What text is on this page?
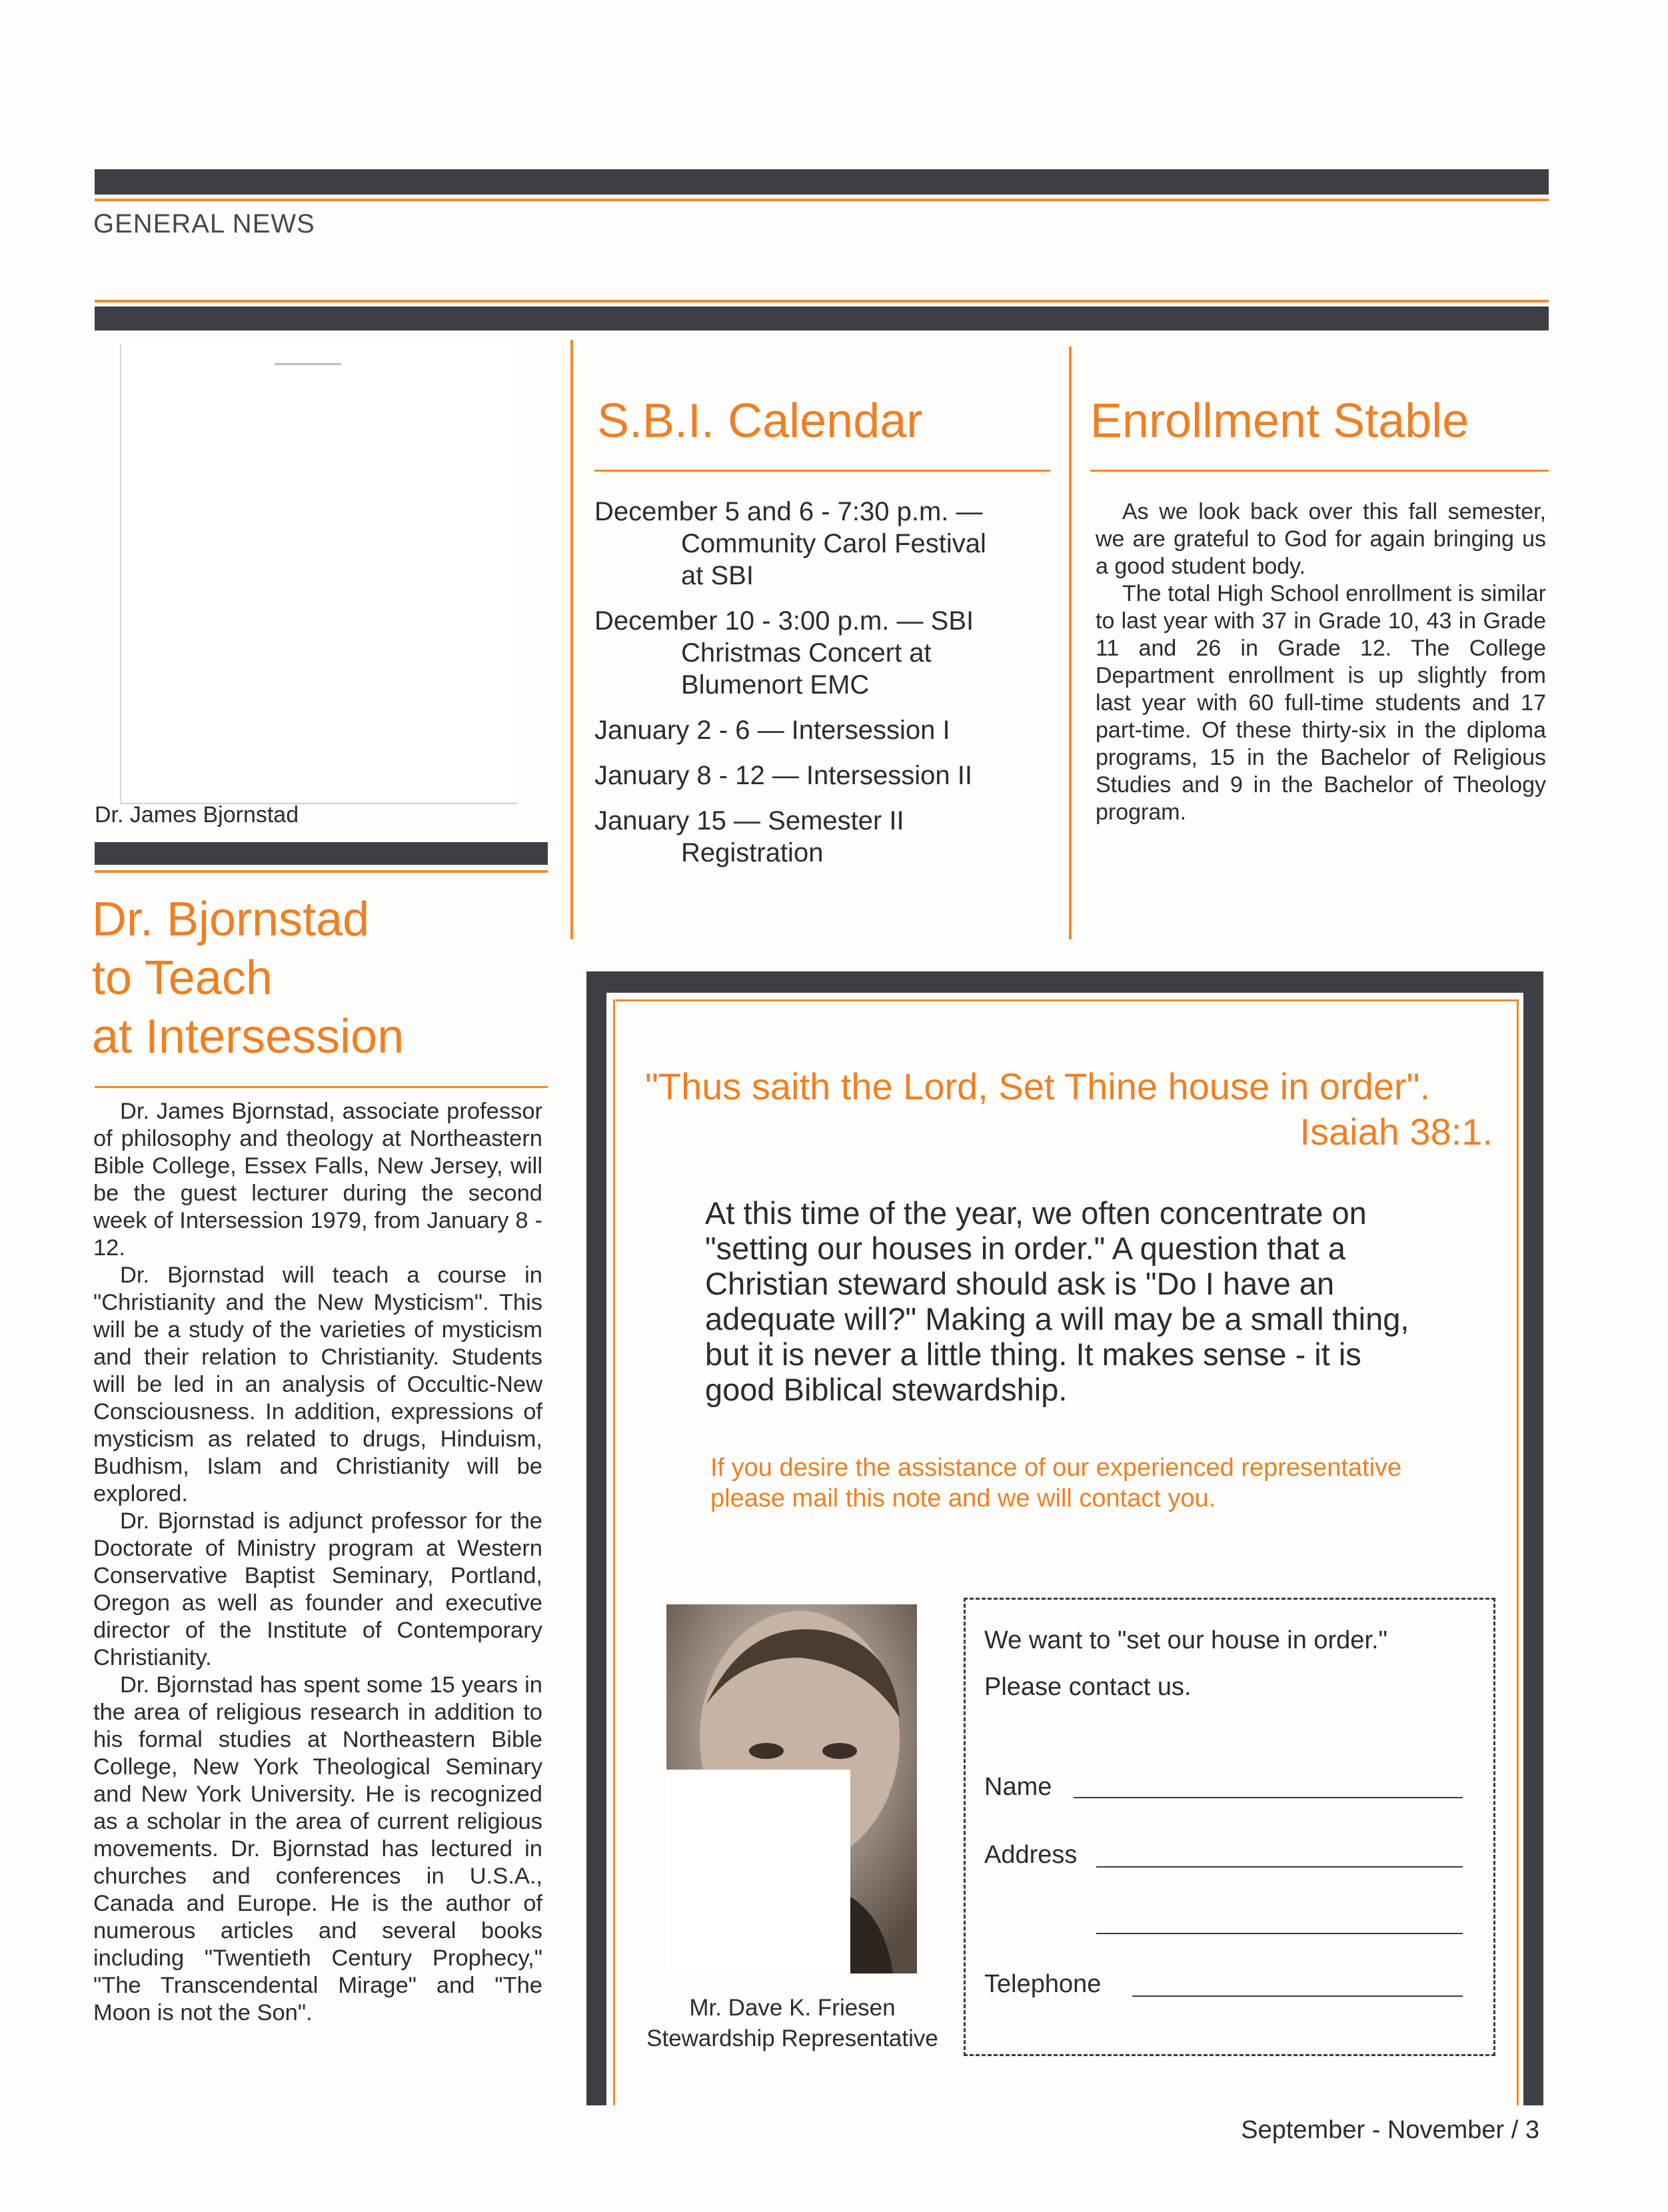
GENERAL NEWS
Dr. James Bjornstad
Dr. Bjornstad
to Teach
at Intersession

Dr. James Bjornstad, associate professor of philosophy and theology at Northeastern Bible College, Essex Falls, New Jersey, will be the guest lecturer during the second week of Intersession 1979, from January 8 - 12.

Dr. Bjornstad will teach a course in "Christianity and the New Mysticism". This will be a study of the varieties of mysticism and their relation to Christianity. Students will be led in an analysis of Occultic-New Consciousness. In addition, expressions of mysticism as related to drugs, Hinduism, Budhism, Islam and Christianity will be explored.

Dr. Bjornstad is adjunct professor for the Doctorate of Ministry program at Western Conservative Baptist Seminary, Portland, Oregon as well as founder and executive director of the Institute of Contemporary Christianity.

Dr. Bjornstad has spent some 15 years in the area of religious research in addition to his formal studies at Northeastern Bible College, New York Theological Seminary and New York University. He is recognized as a scholar in the area of current religious movements. Dr. Bjornstad has lectured in churches and conferences in U.S.A., Canada and Europe. He is the author of numerous articles and several books including "Twentieth Century Prophecy," "The Transcendental Mirage" and "The Moon is not the Son".

S.B.I. Calendar
December 5 and 6 - 7:30 p.m. —
Community Carol Festival
at SBI
December 10 - 3:00 p.m. — SBI
Christmas Concert at
Blumenort EMC
January 2 - 6 — Intersession I
January 8 - 12 — Intersession II
January 15 — Semester II
Registration
Enrollment Stable

As we look back over this fall semester, we are grateful to God for again bringing us a good student body.

The total High School enrollment is similar to last year with 37 in Grade 10, 43 in Grade 11 and 26 in Grade 12. The College Department enrollment is up slightly from last year with 60 full-time students and 17 part-time. Of these thirty-six in the diploma programs, 15 in the Bachelor of Religious Studies and 9 in the Bachelor of Theology program.

"Thus saith the Lord, Set Thine house in order".
Isaiah 38:1.
At this time of the year, we often concentrate on "setting our houses in order." A question that a Christian steward should ask is "Do I have an adequate will?" Making a will may be a small thing, but it is never a little thing. It makes sense - it is good Biblical stewardship.
If you desire the assistance of our experienced representative please mail this note and we will contact you.
Mr. Dave K. Friesen
Stewardship Representative
We want to "set our house in order."
Please contact us.
Name
Address
Telephone
September - November / 3
